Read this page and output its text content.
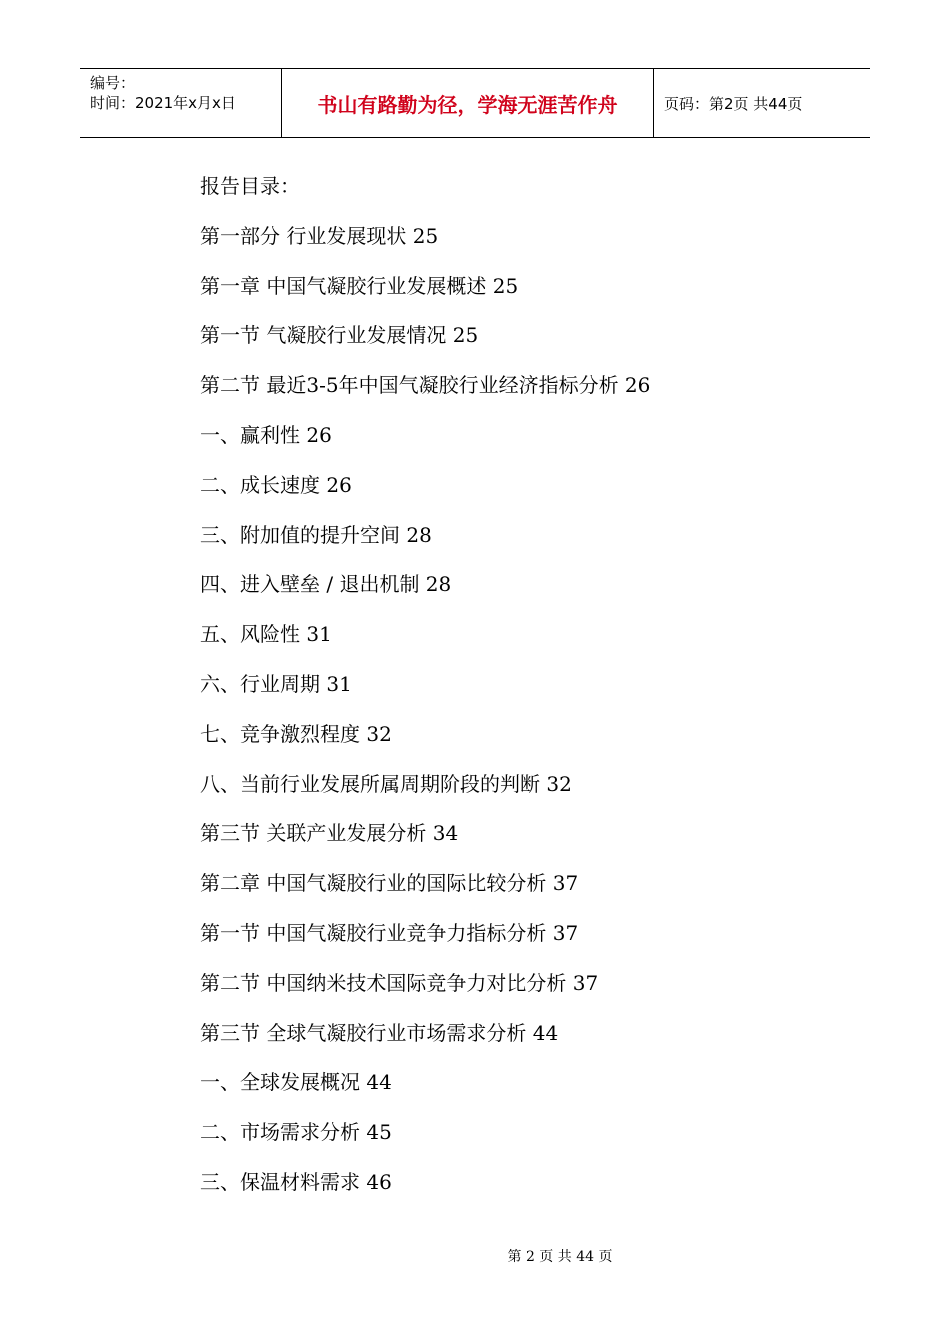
编号：
时间：2021年x月x日	书山有路勤为径，学海无涯苦作舟	页码：第2页 共44页
报告目录：
第一部分 行业发展现状 25
第一章 中国气凝胶行业发展概述 25
第一节 气凝胶行业发展情况 25
第二节 最近3-5年中国气凝胶行业经济指标分析 26
一、赢利性 26
二、成长速度 26
三、附加值的提升空间 28
四、进入壁垒 / 退出机制 28
五、风险性 31
六、行业周期 31
七、竞争激烈程度 32
八、当前行业发展所属周期阶段的判断 32
第三节 关联产业发展分析 34
第二章 中国气凝胶行业的国际比较分析 37
第一节 中国气凝胶行业竞争力指标分析 37
第二节 中国纳米技术国际竞争力对比分析 37
第三节 全球气凝胶行业市场需求分析 44
一、全球发展概况 44
二、市场需求分析 45
三、保温材料需求 46
第 2 页 共 44 页
